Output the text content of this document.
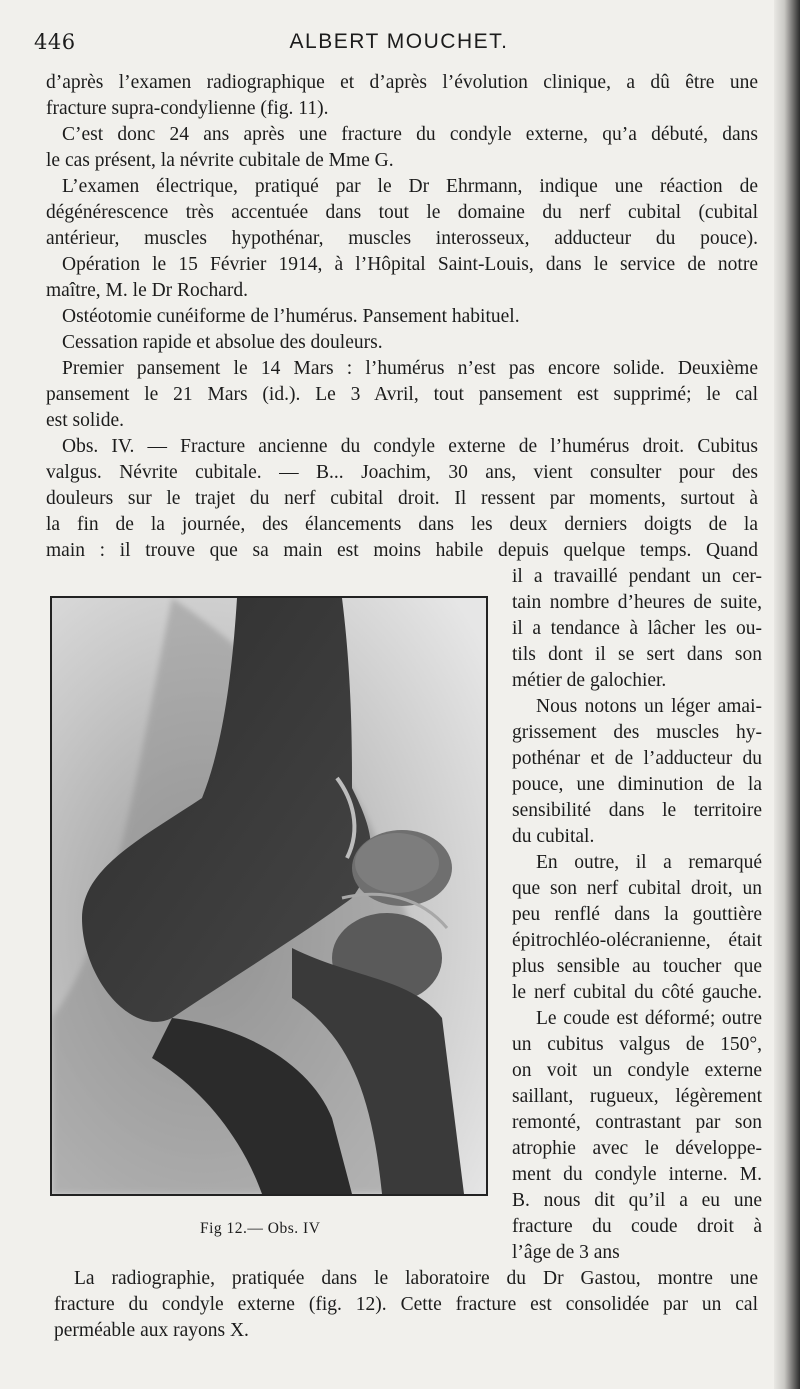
446	ALBERT MOUCHET.
d’après l’examen radiographique et d’après l’évolution clinique, a dû être une
fracture supra-condylienne (fig. 11).
C’est donc 24 ans après une fracture du condyle externe, qu’a débuté, dans
le cas présent, la névrite cubitale de Mme G.
L’examen électrique, pratiqué par le Dr Ehrmann, indique une réaction de
dégénérescence très accentuée dans tout le domaine du nerf cubital (cubital
antérieur, muscles hypothénar, muscles interosseux, adducteur du pouce).
Opération le 15 Février 1914, à l’Hôpital Saint-Louis, dans le service de notre
maître, M. le Dr Rochard.
Ostéotomie cunéiforme de l’humérus. Pansement habituel.
Cessation rapide et absolue des douleurs.
Premier pansement le 14 Mars : l’humérus n’est pas encore solide. Deuxième
pansement le 21 Mars (id.). Le 3 Avril, tout pansement est supprimé; le cal
est solide.
Obs. IV. — Fracture ancienne du condyle externe de l’humérus droit. Cubitus
valgus. Névrite cubitale. — B... Joachim, 30 ans, vient consulter pour des
douleurs sur le trajet du nerf cubital droit. Il ressent par moments, surtout à
la fin de la journée, des élancements dans les deux derniers doigts de la
main : il trouve que sa main est moins habile depuis quelque temps. Quand
Fig 12.— Obs. IV
il a travaillé pendant un cer-
tain nombre d’heures de suite,
il a tendance à lâcher les ou-
tils dont il se sert dans son
métier de galochier.
Nous notons un léger amai-
grissement des muscles hy-
pothénar et de l’adducteur du
pouce, une diminution de la
sensibilité dans le territoire
du cubital.
En outre, il a remarqué
que son nerf cubital droit, un
peu renflé dans la gouttière
épitrochléo-olécranienne, était
plus sensible au toucher que
le nerf cubital du côté gauche.
Le coude est déformé; outre
un cubitus valgus de 150°,
on voit un condyle externe
saillant, rugueux, légèrement
remonté, contrastant par son
atrophie avec le développe-
ment du condyle interne. M.
B. nous dit qu’il a eu une
fracture du coude droit à
l’âge de 3 ans
La radiographie, pratiquée dans le laboratoire du Dr Gastou, montre une
fracture du condyle externe (fig. 12). Cette fracture est consolidée par un cal
perméable aux rayons X.
